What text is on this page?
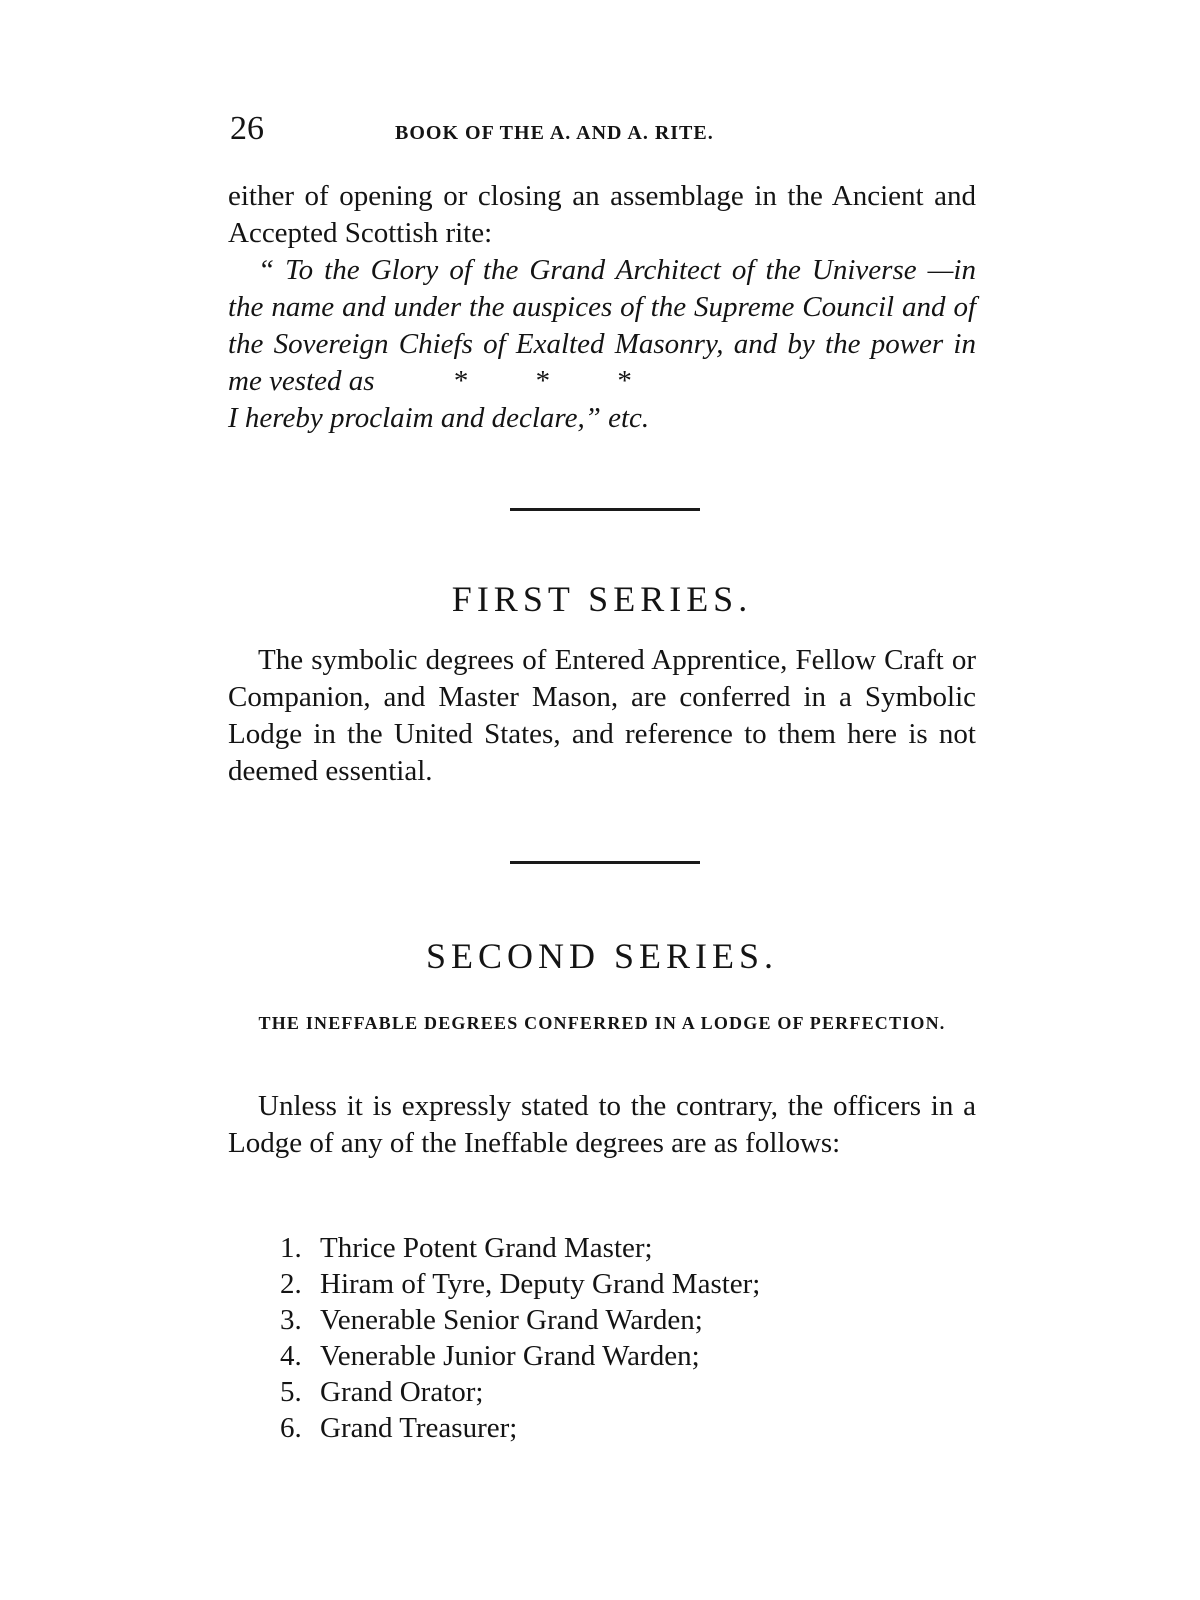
26	BOOK OF THE A. AND A. RITE.

either of opening or closing an assemblage in the Ancient and Accepted Scottish rite:

“ To the Glory of the Grand Architect of the Universe —in the name and under the auspices of the Supreme Council and of the Sovereign Chiefs of Exalted Masonry, and by the power in me vested as	* * *

I hereby proclaim and declare,” etc.

FIRST SERIES.

The symbolic degrees of Entered Apprentice, Fellow Craft or Companion, and Master Mason, are conferred in a Symbolic Lodge in the United States, and reference to them here is not deemed essential.

SECOND SERIES.

THE INEFFABLE DEGREES CONFERRED IN A LODGE OF PERFECTION.

Unless it is expressly stated to the contrary, the officers in a Lodge of any of the Ineffable degrees are as follows:

1. Thrice Potent Grand Master;
2. Hiram of Tyre, Deputy Grand Master;
3. Venerable Senior Grand Warden;
4. Venerable Junior Grand Warden;
5. Grand Orator;
6. Grand Treasurer;
